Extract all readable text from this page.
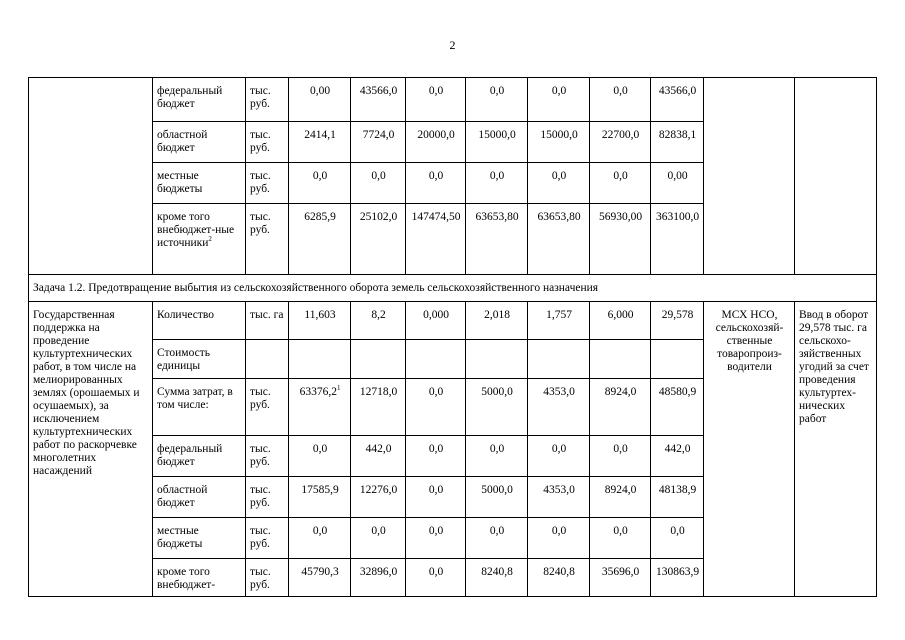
2
	федеральный бюджет	тыс. руб.	0,00	43566,0	0,0	0,0	0,0	0,0	43566,0		
	областной бюджет	тыс. руб.	2414,1	7724,0	20000,0	15000,0	15000,0	22700,0	82838,1		
	местные бюджеты	тыс. руб.	0,0	0,0	0,0	0,0	0,0	0,0	0,00		
	кроме того внебюджет-ные источники$^2$	тыс. руб.	6285,9	25102,0	147474,50	63653,80	63653,80	56930,00	363100,0		
Задача 1.2. Предотвращение выбытия из сельскохозяйственного оборота земель сельскохозяйственного назначения											
Государственная поддержка на проведение культуртехнических работ, в том числе на мелиорированных землях (орошаемых и осушаемых), за исключением культуртехнических работ по раскорчевке многолетних насаждений	Количество	тыс. га	11,603	8,2	0,000	2,018	1,757	6,000	29,578	МСХ НСО, сельскохозяй-ственные товаропроиз-водители	Ввод в оборот 29,578 тыс. га сельскохо-зяйственных угодий за счет проведения культуртех-нических работ
	Стоимость единицы										
	Сумма затрат, в том числе:	тыс. руб.	63376,2$^1$	12718,0	0,0	5000,0	4353,0	8924,0	48580,9		
	федеральный бюджет	тыс. руб.	0,0	442,0	0,0	0,0	0,0	0,0	442,0		
	областной бюджет	тыс. руб.	17585,9	12276,0	0,0	5000,0	4353,0	8924,0	48138,9		
	местные бюджеты	тыс. руб.	0,0	0,0	0,0	0,0	0,0	0,0	0,0		
	кроме того внебюджет-	тыс. руб.	45790,3	32896,0	0,0	8240,8	8240,8	35696,0	130863,9		
